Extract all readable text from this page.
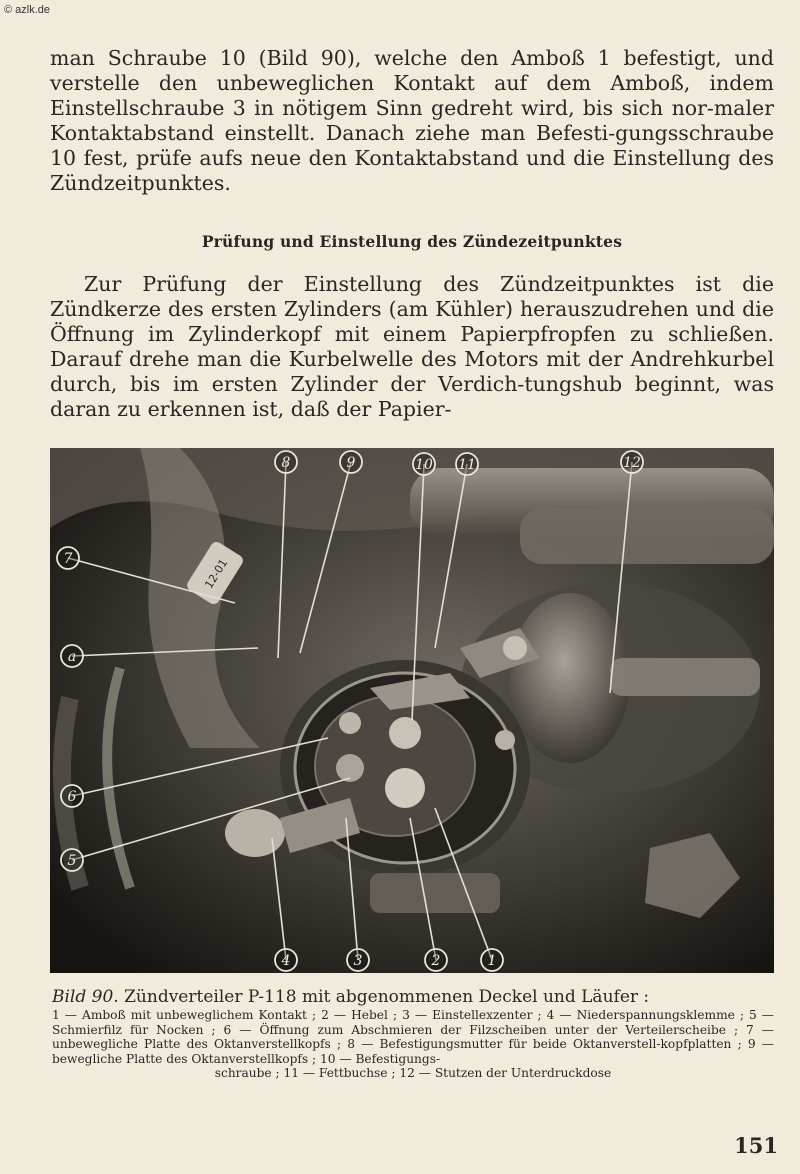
© azlk.de

man Schraube 10 (Bild 90), welche den Amboß 1 befestigt, und verstelle den unbeweglichen Kontakt auf dem Amboß, indem Einstellschraube 3 in nötigem Sinn gedreht wird, bis sich nor-maler Kontaktabstand einstellt. Danach ziehe man Befesti-gungsschraube 10 fest, prüfe aufs neue den Kontaktabstand und die Einstellung des Zündzeitpunktes.

Prüfung und Einstellung des Zündezeitpunktes

Zur Prüfung der Einstellung des Zündzeitpunktes ist die Zündkerze des ersten Zylinders (am Kühler) herauszudrehen und die Öffnung im Zylinderkopf mit einem Papierpfropfen zu schließen. Darauf drehe man die Kurbelwelle des Motors mit der Andrehkurbel durch, bis im ersten Zylinder der Verdich-tungshub beginnt, was daran zu erkennen ist, daß der Papier-

12-01
8	9	10 11	12
7
a
6
5
4	3	2	1

Bild 90. Zündverteiler P-118 mit abgenommenen Deckel und Läufer :

1 — Amboß mit unbeweglichem Kontakt ; 2 — Hebel ; 3 — Einstellexzenter ; 4 — Niederspannungsklemme ; 5 — Schmierfilz für Nocken ; 6 — Öffnung zum Abschmieren der Filzscheiben unter der Verteilerscheibe ; 7 — unbewegliche Platte des Oktanverstellkopfs ; 8 — Befestigungsmutter für beide Oktanverstell-kopfplatten ; 9 — bewegliche Platte des Oktanverstellkopfs ; 10 — Befestigungs-
schraube ; 11 — Fettbuchse ; 12 — Stutzen der Unterdruckdose

151
